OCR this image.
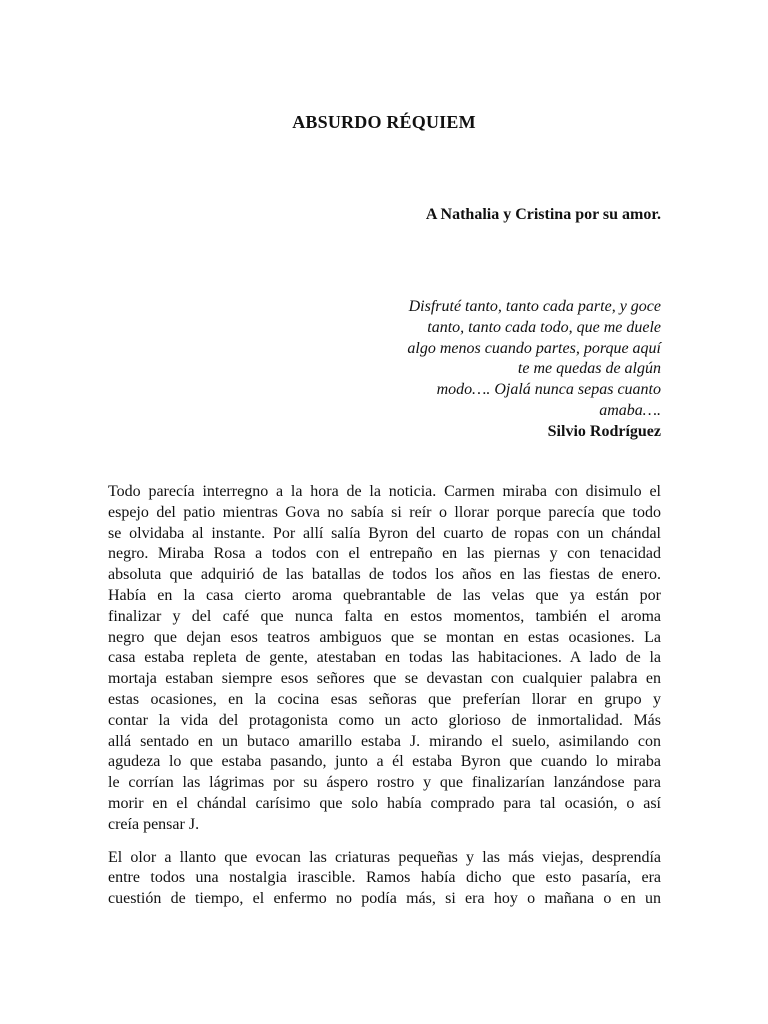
ABSURDO RÉQUIEM
A Nathalia y Cristina por su amor.
Disfruté tanto, tanto cada parte, y goce
tanto, tanto cada todo, que me duele
algo menos cuando partes, porque aquí
te me quedas de algún
modo…. Ojalá nunca sepas cuanto
amaba….
Silvio Rodríguez

Todo parecía interregno a la hora de la noticia. Carmen miraba con disimulo el

espejo del patio mientras Gova no sabía si reír o llorar porque parecía que todo

se olvidaba al instante. Por allí salía Byron del cuarto de ropas con un chándal

negro. Miraba Rosa a todos con el entrepaño en las piernas y con tenacidad

absoluta que adquirió de las batallas de todos los años en las fiestas de enero.

Había en la casa cierto aroma quebrantable de las velas que ya están por

finalizar y del café que nunca falta en estos momentos, también el aroma

negro que dejan esos teatros ambiguos que se montan en estas ocasiones. La

casa estaba repleta de gente, atestaban en todas las habitaciones. A lado de la

mortaja estaban siempre esos señores que se devastan con cualquier palabra en

estas ocasiones, en la cocina esas señoras que preferían llorar en grupo y

contar la vida del protagonista como un acto glorioso de inmortalidad. Más

allá sentado en un butaco amarillo estaba J. mirando el suelo, asimilando con

agudeza lo que estaba pasando, junto a él estaba Byron que cuando lo miraba

le corrían las lágrimas por su áspero rostro y que finalizarían lanzándose para

morir en el chándal carísimo que solo había comprado para tal ocasión, o así

creía pensar J.

El olor a llanto que evocan las criaturas pequeñas y las más viejas, desprendía

entre todos una nostalgia irascible. Ramos había dicho que esto pasaría, era

cuestión de tiempo, el enfermo no podía más, si era hoy o mañana o en un
